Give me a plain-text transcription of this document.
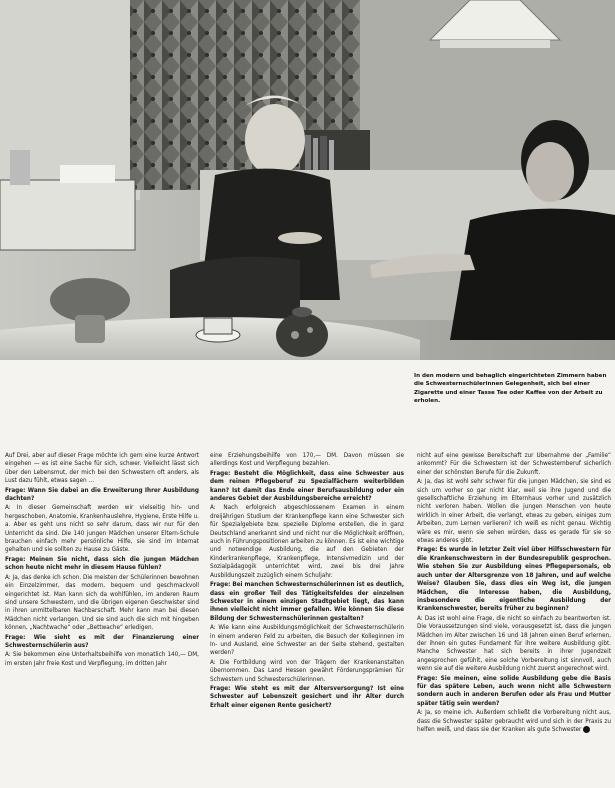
In den modern und behaglich eingerichteten Zimmern haben die Schwesternschülerinnen Gelegenheit, sich bei einer Zigarette und einer Tasse Tee oder Kaffee von der Arbeit zu erholen.

Auf Drei, aber auf dieser Frage möchte ich gern eine kurze Antwort eingehen — es ist eine Sache für sich, schwer. Vielleicht lässt sich über den Lebensmut, der mich bei den Schwestern oft anders, als Lust dazu fühlt, etwas sagen …

Frage: Wann Sie dabei an die Erweiterung Ihrer Ausbildung dachten?

A: In dieser Gemeinschaft werden wir vielseitig hin- und hergeschoben, Anatomie, Krankenhauslehre, Hygiene, Erste Hilfe u. a. Aber es geht uns nicht so sehr darum, dass wir nur für den Unterricht da sind. Die 140 jungen Mädchen unserer Eltern-Schule brauchen einfach mehr persönliche Hilfe, sie sind im Internat gehalten und sie sollten zu Hause zu Gäste.

Frage: Meinen Sie nicht, dass sich die jungen Mädchen schon heute nicht mehr in diesem Hause fühlen?

A: Ja, das denke ich schon. Die meisten der Schülerinnen bewohnen ein Einzelzimmer, das modern, bequem und geschmackvoll eingerichtet ist. Man kann sich da wohlfühlen, im anderen Raum sind unsere Schwestern, und die übrigen eigenen Geschwister sind in ihren unmittelbaren Nachbarschaft. Mehr kann man bei diesen Mädchen nicht verlangen. Und sie sind auch die sich mit hingeben können, „Nachtwache“ oder „Bettwache“ erledigen.

Frage: Wie sieht es mit der Finanzierung einer Schwesternschülerin aus?

A: Sie bekommen eine Unterhaltsbeihilfe von monatlich 140,— DM, im ersten Jahr freie Kost und Verpflegung, im dritten Jahr

eine Erziehungsbeihilfe von 170,— DM. Davon müssen sie allerdings Kost und Verpflegung bezahlen.

Frage: Besteht die Möglichkeit, dass eine Schwester aus dem reinen Pflegeberuf zu Spezialfächern weiterbilden kann? Ist damit das Ende einer Berufsausbildung oder ein anderes Gebiet der Ausbildungsbereiche erreicht?

A: Nach erfolgreich abgeschlossenem Examen in einem dreijährigen Studium der Krankenpflege kann eine Schwester sich für Spezialgebiete bzw. spezielle Diplome erstellen, die in ganz Deutschland anerkannt sind und nicht nur die Möglichkeit eröffnen, auch in Führungspositionen arbeiten zu können. Es ist eine wichtige und notwendige Ausbildung, die auf den Gebieten der Kinderkrankenpflege, Krankenpflege, Intensivmedizin und der Sozialpädagogik unterrichtet wird, zwei bis drei Jahre Ausbildungszeit zuzüglich einem Schuljahr.

Frage: Bei manchen Schwesternschülerinnen ist es deutlich, dass ein großer Teil des Tätigkeitsfeldes der einzelnen Schwester in einem einzigen Stadtgebiet liegt, das kann ihnen vielleicht nicht immer gefallen. Wie können Sie diese Bildung der Schwesternschülerinnen gestalten?

A: Wie kann eine Ausbildungsmöglichkeit der Schwesternschülerin in einem anderen Feld zu arbeiten, die Besuch der Kolleginnen im In- und Ausland, eine Schwester an der Seite stehend, gestalten werden?

A: Die Fortbildung wird von der Trägern der Krankenanstalten übernommen. Das Land Hessen gewährt Förderungsprämien für Schwestern und Schwesterschülerinnen.

Frage: Wie steht es mit der Altersversorgung? Ist eine Schwester auf Lebenszeit gesichert und ihr Alter durch Erhalt einer eigenen Rente gesichert?

nicht auf eine gewisse Bereitschaft zur Übernahme der „Familie“ ankommt? Für die Schwestern ist der Schwesternberuf sicherlich einer der schönsten Berufe für die Zukunft.

A: Ja, das ist wohl sehr schwer für die jungen Mädchen, sie sind es sich um vorher so gar nicht klar, weil sie ihre Jugend und die gesellschaftliche Erziehung im Elternhaus vorher und zusätzlich nicht verloren haben. Wollen die jungen Menschen von heute wirklich in einer Arbeit, die verlangt, etwas zu geben, einiges zum Arbeiten, zum Lernen verlieren? Ich weiß es nicht genau. Wichtig wäre es mir, wenn sie sehen würden, dass es gerade für sie so etwas anderes gibt.

Frage: Es wurde in letzter Zeit viel über Hilfsschwestern für die Krankenschwestern in der Bundesrepublik gesprochen. Wie stehen Sie zur Ausbildung eines Pflegepersonals, ob auch unter der Altersgrenze von 18 Jahren, und auf welche Weise? Glauben Sie, dass dies ein Weg ist, die jungen Mädchen, die Interesse haben, die Ausbildung, insbesondere die eigentliche Ausbildung der Krankenschwester, bereits früher zu beginnen?

A: Das ist wohl eine Frage, die nicht so einfach zu beantworten ist. Die Voraussetzungen sind viele, vorausgesetzt ist, dass die jungen Mädchen im Alter zwischen 16 und 18 Jahren einen Beruf erlernen, der ihnen ein gutes Fundament für ihre weitere Ausbildung gibt. Manche Schwester hat sich bereits in ihrer Jugendzeit angesprochen gefühlt, eine solche Vorbereitung ist sinnvoll, auch wenn sie auf die weitere Ausbildung nicht zuerst angerechnet wird.

Frage: Sie meinen, eine solide Ausbildung gebe die Basis für das spätere Leben, auch wenn nicht alle Schwestern sondern auch in anderen Berufen oder als Frau und Mutter später tätig sein werden?

A: Ja, so meine ich. Außerdem schließt die Vorbereitung nicht aus, dass die Schwester später gebraucht wird und sich in der Praxis zu helfen weiß, und dass sie der Kranken als gute Schwester
